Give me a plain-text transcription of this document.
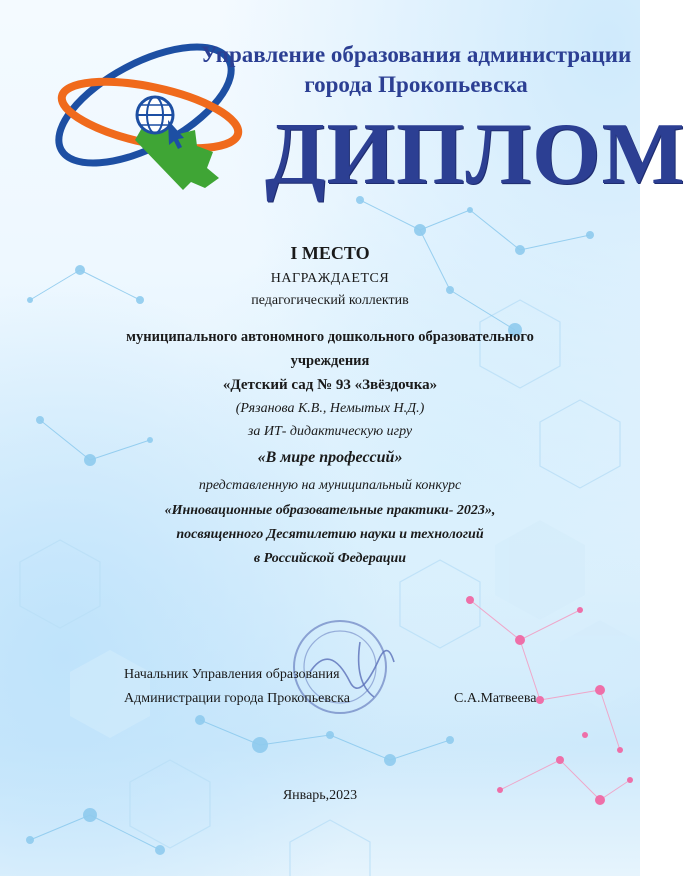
Управление образования администрации

города Прокопьевска

ДИПЛОМ

I МЕСТО

НАГРАЖДАЕТСЯ

педагогический коллектив

муниципального автономного дошкольного образовательного

учреждения

«Детский сад № 93 «Звёздочка»

(Рязанова К.В., Немытых Н.Д.)

за ИТ- дидактическую игру

«В мире профессий»

представленную на муниципальный конкурс

«Инновационные образовательные практики- 2023»,

посвященного Десятилетию науки и технологий

в Российской Федерации

Начальник Управления образования

Администрации города Прокопьевска	С.А.Матвеева
Январь,2023
